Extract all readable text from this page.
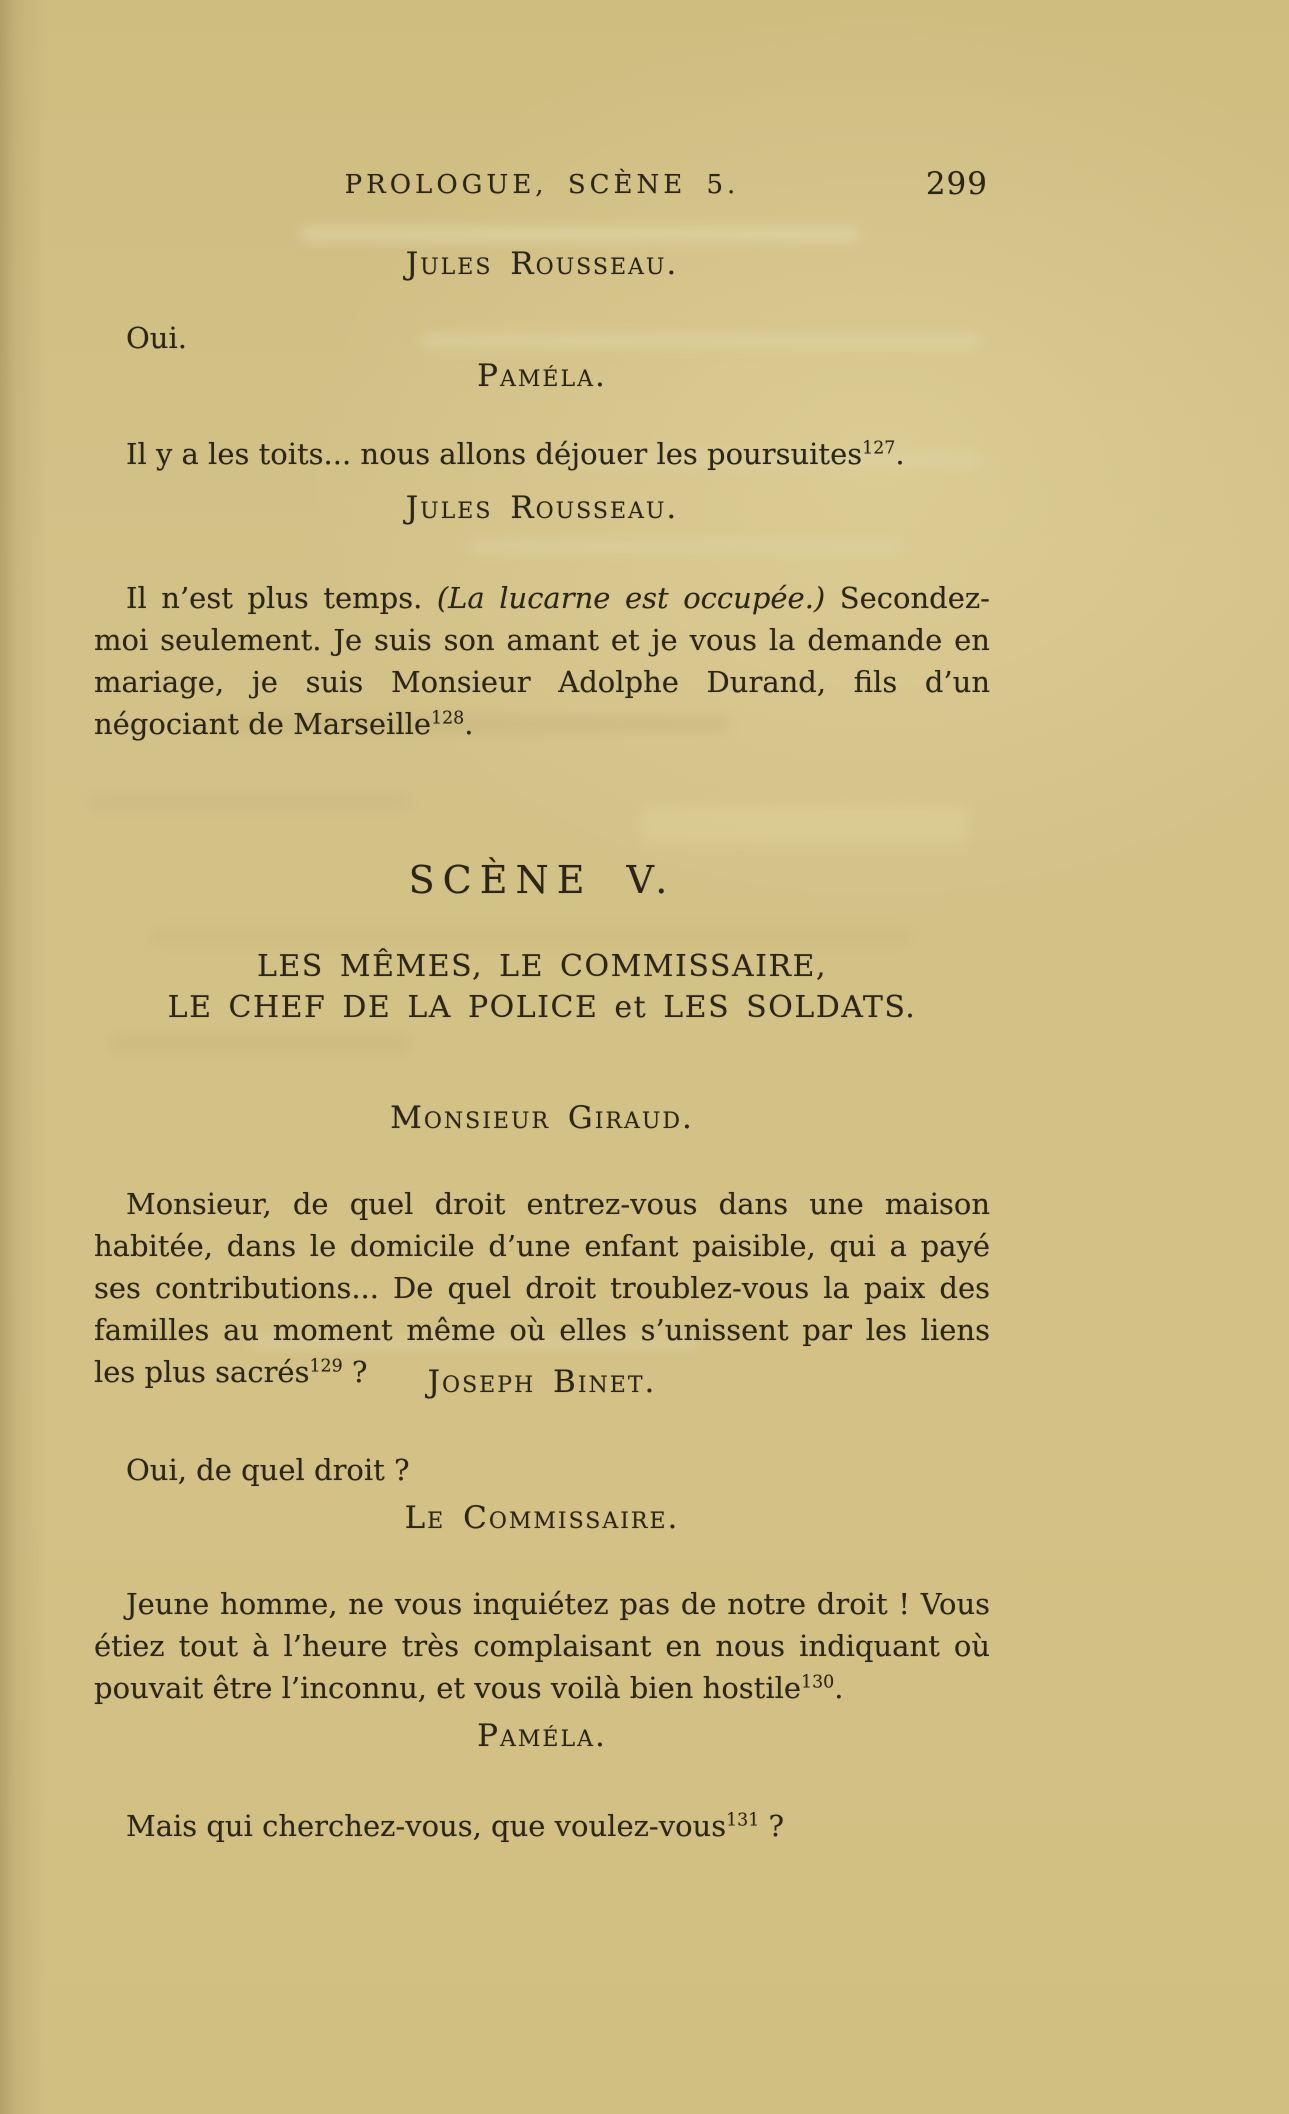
PROLOGUE, SCÈNE 5.	299
Jules Rousseau.

Oui.

Paméla.

Il y a les toits... nous allons déjouer les poursuites$^{127}$.

Jules Rousseau.

Il n’est plus temps. (La lucarne est occupée.) Secondez-moi seulement. Je suis son amant et je vous la demande en mariage, je suis Monsieur Adolphe Durand, fils d’un négociant de Marseille$^{128}$.

SCÈNE V.
LES MÊMES, LE COMMISSAIRE,
LE CHEF DE LA POLICE et LES SOLDATS.
Monsieur Giraud.

Monsieur, de quel droit entrez-vous dans une maison habitée, dans le domicile d’une enfant paisible, qui a payé ses contributions... De quel droit troublez-vous la paix des familles au moment même où elles s’unissent par les liens les plus sacrés$^{129}$ ?	Joseph Binet.

Oui, de quel droit ?

Le Commissaire.

Jeune homme, ne vous inquiétez pas de notre droit ! Vous étiez tout à l’heure très complaisant en nous indiquant où pouvait être l’inconnu, et vous voilà bien hostile$^{130}$.

Paméla.

Mais qui cherchez-vous, que voulez-vous$^{131}$ ?
